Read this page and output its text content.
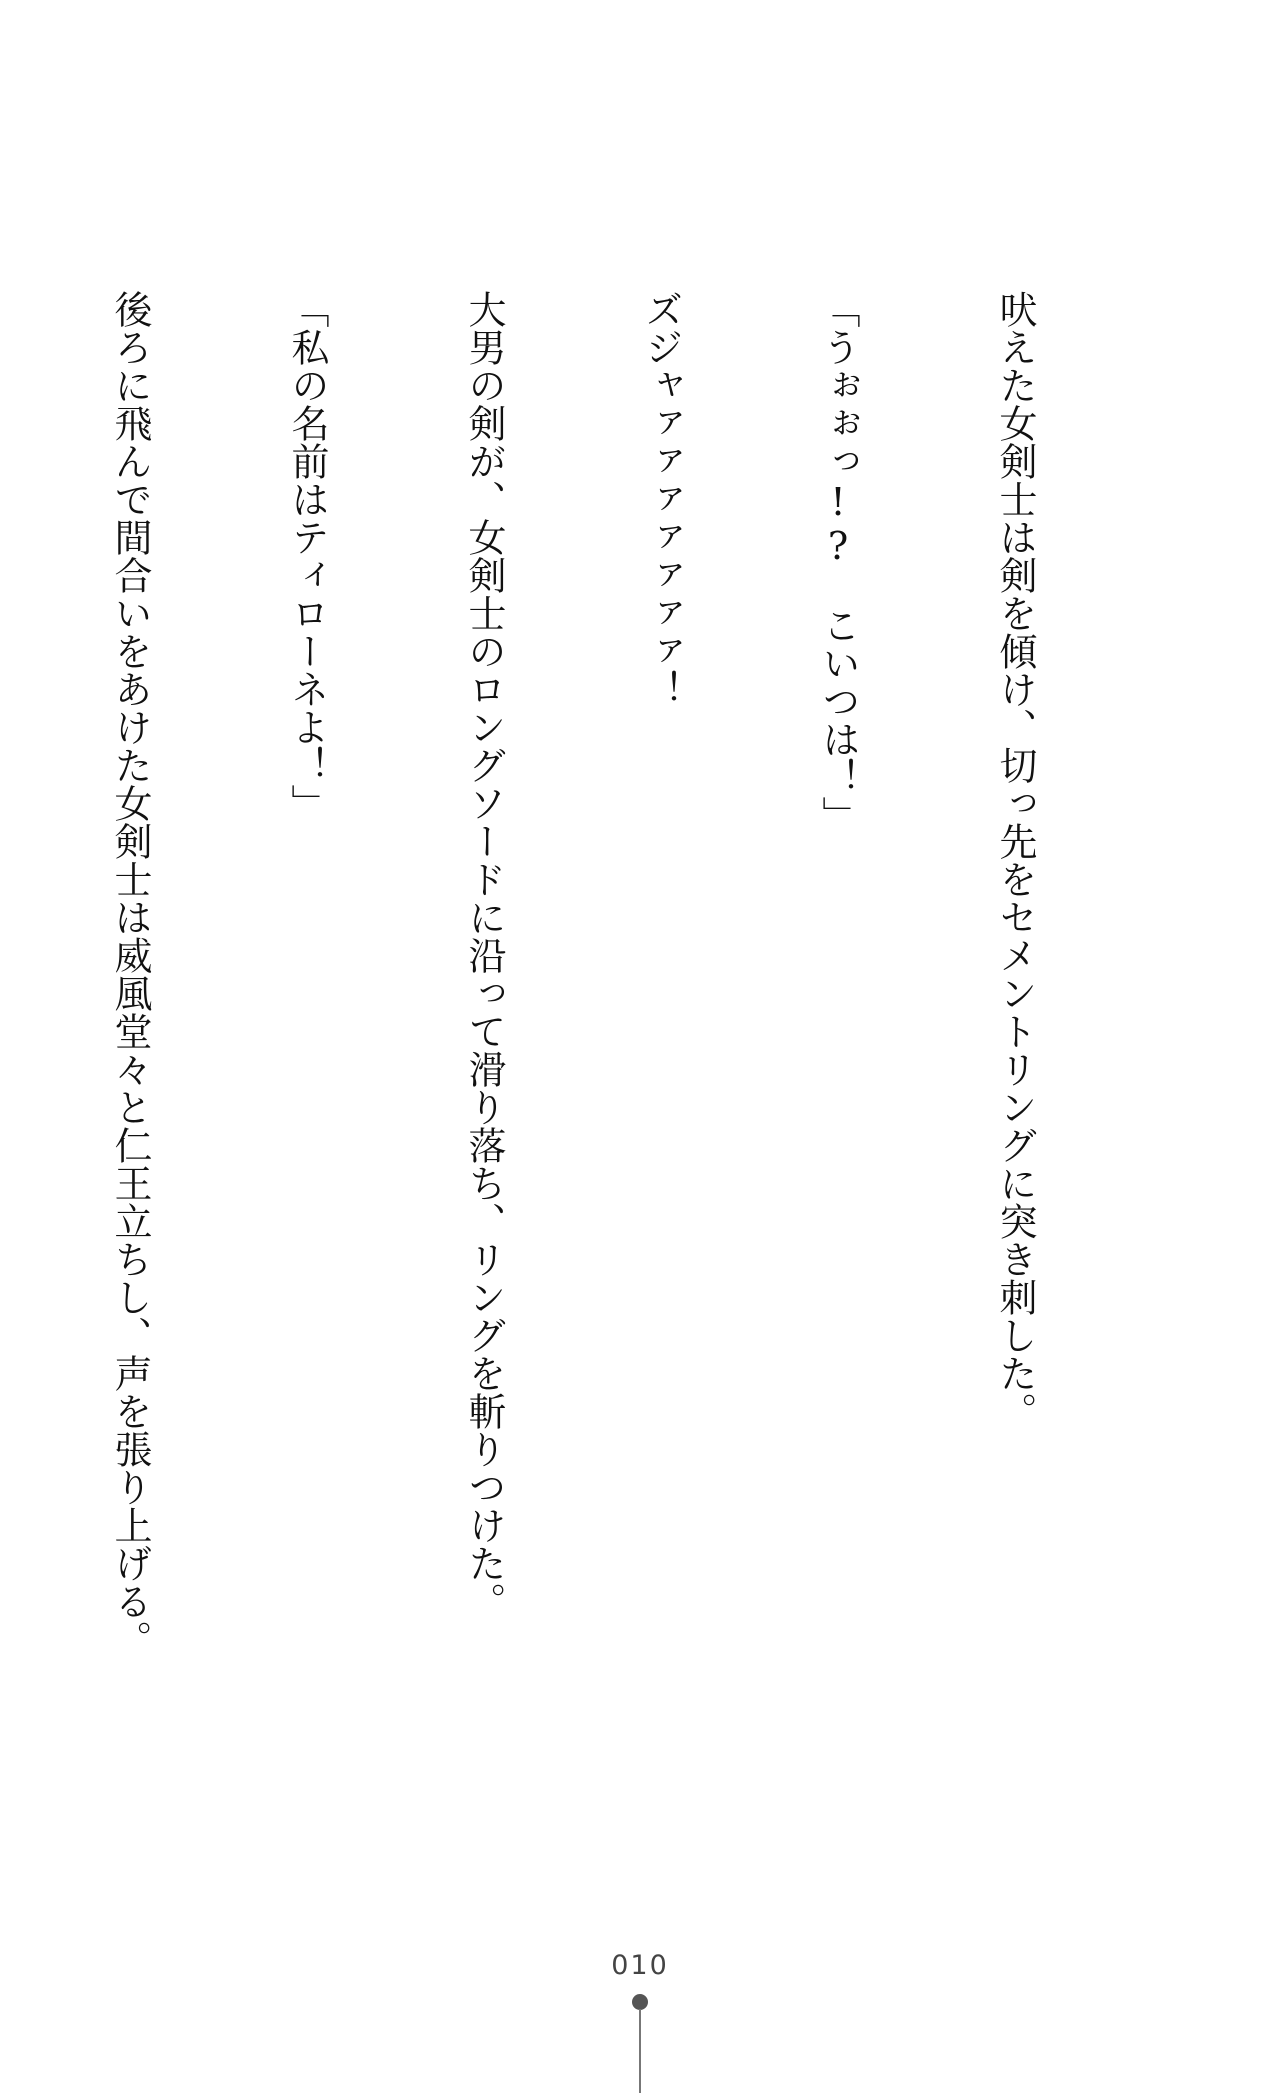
吠えた女剣士は剣を傾け、切っ先をセメントリングに突き刺した。

「うぉぉっ!?　こいつは！」

ズジャァァァァァァァ！

大男の剣が、女剣士のロングソードに沿って滑り落ち、リングを斬りつけた。

「私の名前はティローネよ！」

後ろに飛んで間合いをあけた女剣士は威風堂々と仁王立ちし、声を張り上げる。

010
